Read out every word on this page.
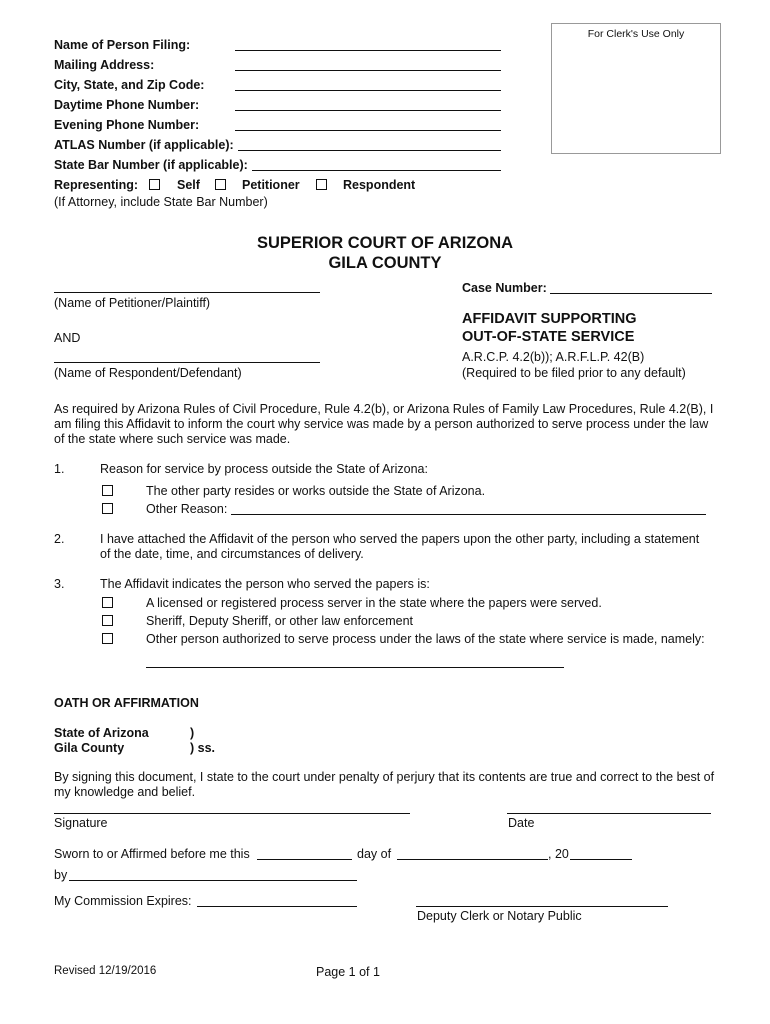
For Clerk's Use Only
Name of Person Filing:
Mailing Address:
City, State, and Zip Code:
Daytime Phone Number:
Evening Phone Number:
ATLAS Number (if applicable):
State Bar Number (if applicable):
Representing:	Self	Petitioner	Respondent
(If Attorney, include State Bar Number)
SUPERIOR COURT OF ARIZONA
GILA COUNTY
(Name of Petitioner/Plaintiff)
AND
(Name of Respondent/Defendant)
Case Number:
AFFIDAVIT SUPPORTING
OUT-OF-STATE SERVICE
A.R.C.P. 4.2(b)); A.R.F.L.P. 42(B)
(Required to be filed prior to any default)
As required by Arizona Rules of Civil Procedure, Rule 4.2(b), or Arizona Rules of Family Law Procedures, Rule 4.2(B), I am filing this Affidavit to inform the court why service was made by a person authorized to serve process under the law of the state where such service was made.
1.	Reason for service by process outside the State of Arizona:
The other party resides or works outside the State of Arizona.
Other Reason:
2.	I have attached the Affidavit of the person who served the papers upon the other party, including a statement of the date, time, and circumstances of delivery.
3.	The Affidavit indicates the person who served the papers is:
A licensed or registered process server in the state where the papers were served.
Sheriff, Deputy Sheriff, or other law enforcement
Other person authorized to serve process under the laws of the state where service is made, namely:
OATH OR AFFIRMATION
State of Arizona	)
Gila County	) ss.
By signing this document, I state to the court under penalty of perjury that its contents are true and correct to the best of my knowledge and belief.
Signature	Date
Sworn to or Affirmed before me this	day of	, 20
by
My Commission Expires:
Deputy Clerk or Notary Public
Revised 12/19/2016	Page 1 of 1
